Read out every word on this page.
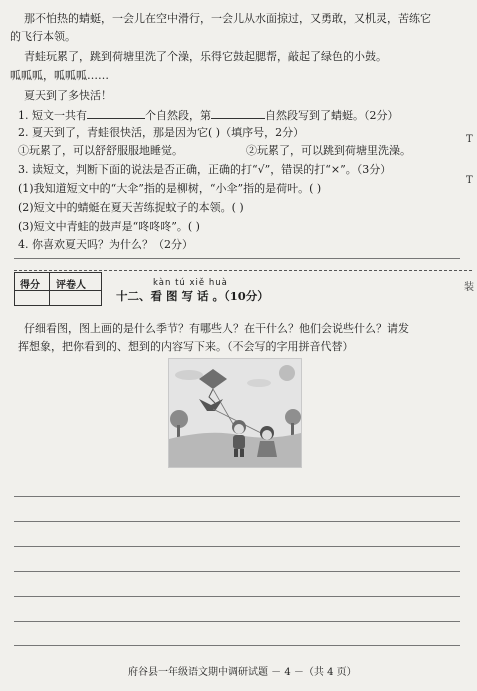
那不怕热的蜻蜓，一会儿在空中滑行，一会儿从水面掠过，又勇敢，又机灵，苦练它
的飞行本领。
青蛙玩累了，跳到荷塘里洗了个澡，乐得它鼓起腮帮，敲起了绿色的小鼓。
呱呱呱，呱呱呱……
夏天到了多快活！
1. 短文一共有	个自然段，第	自然段写到了蜻蜓。（2分）
2. 夏天到了，青蛙很快活，那是因为它( )（填序号，2分）
①玩累了，可以舒舒服服地睡觉。	②玩累了，可以跳到荷塘里洗澡。
3. 读短文，判断下面的说法是否正确，正确的打“√”，错误的打“×”。（3分）
(1)我知道短文中的“大伞”指的是柳树，“小伞”指的是荷叶。( )
(2)短文中的蜻蜓在夏天苦练捉蚊子的本领。( )
(3)短文中青蛙的鼓声是“咚咚咚”。( )
4. 你喜欢夏天吗？为什么？（2分）
得分 评卷人	kàn tú xiě huà
十二、看 图 写 话 。（10分）
仔细看图，图上画的是什么季节？有哪些人？在干什么？他们会说些什么？请发
挥想象，把你看到的、想到的内容写下来。（不会写的字用拼音代替）
府谷县一年级语文期中调研试题 － 4 －（共 4 页）
T
T
装
